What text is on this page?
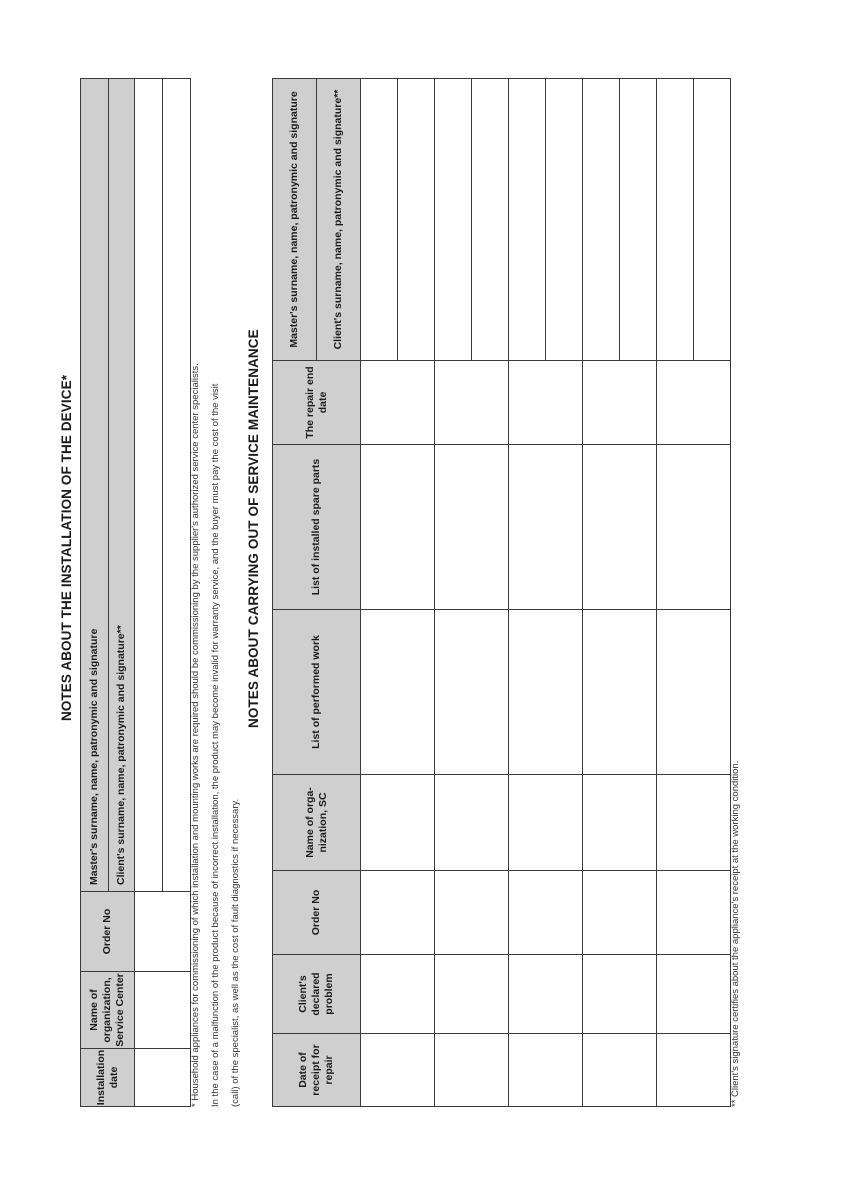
NOTES ABOUT THE INSTALLATION OF THE DEVICE*
Installation date	Name of organization, Service Center	Order No	Master's surname, name, patronymic and signature
			Client's surname, name, patronymic and signature**
				* Household appliances for commissioning of which installation and mounting works are required should be commissioning by the supplier's authorized service center specialists. In the case of a malfunction of the product because of incorrect installation, the product may become invalid for warranty service, and the buyer must pay the cost of the visit (call) of the specialist, as well as the cost of fault diagnostics if necessary.
NOTES ABOUT CARRYING OUT OF SERVICE MAINTENANCE
Date of receipt for repair	Client's declared problem	Order No	Name of orga-nization, SC	List of performed work	List of installed spare parts	The repair end date	Master's surname, name, patronymic and signature
							Client's surname, name, patronymic and signature**

** Client's signature certifies about the appliance's receipt at the working condition.
